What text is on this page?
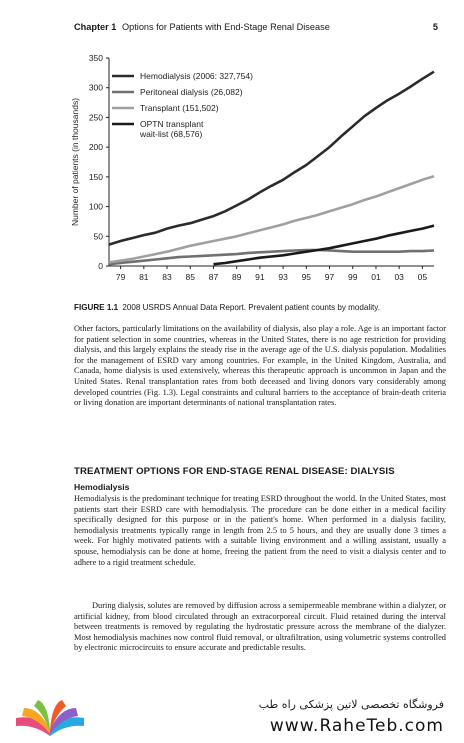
Chapter 1 Options for Patients with End-Stage Renal Disease	5
0
50
100
150
200
250
300
350
79 81 83 85 87 89 91 93 95 97 99 01 03 05
Number of patients (in thousands)
Hemodialysis (2006: 327,754)
Peritoneal dialysis (26,082)
Transplant (151,502)
OPTN transplant wait-list (68,576)
FIGURE 1.1 2008 USRDS Annual Data Report. Prevalent patient counts by modality.

Other factors, particularly limitations on the availability of dialysis, also play a role. Age is an important factor for patient selection in some countries, whereas in the United States, there is no age restriction for providing dialysis, and this largely explains the steady rise in the average age of the U.S. dialysis population. Modalities for the management of ESRD vary among countries. For example, in the United Kingdom, Australia, and Canada, home dialysis is used extensively, whereas this therapeutic approach is uncommon in Japan and the United States. Renal transplantation rates from both deceased and living donors vary considerably among developed countries (Fig. 1.3). Legal constraints and cultural barriers to the acceptance of brain-death criteria or living donation are important determinants of national transplantation rates.

TREATMENT OPTIONS FOR END-STAGE RENAL DISEASE: DIALYSIS

Hemodialysis

Hemodialysis is the predominant technique for treating ESRD throughout the world. In the United States, most patients start their ESRD care with hemodialysis. The procedure can be done either in a medical facility specifically designed for this purpose or in the patient's home. When performed in a dialysis facility, hemodialysis treatments typically range in length from 2.5 to 5 hours, and they are usually done 3 times a week. For highly motivated patients with a suitable living environment and a willing assistant, usually a spouse, hemodialysis can be done at home, freeing the patient from the need to visit a dialysis center and to adhere to a rigid treatment schedule.

During dialysis, solutes are removed by diffusion across a semipermeable membrane within a dialyzer, or artificial kidney, from blood circulated through an extracorporeal circuit. Fluid retained during the interval between treatments is removed by regulating the hydrostatic pressure across the membrane of the dialyzer. Most hemodialysis machines now control fluid removal, or ultrafiltration, using volumetric systems controlled by electronic microcircuits to ensure accurate and predictable results.

فروشگاه تخصصی لاتین پزشکی راه طب
www.RaheTeb.com
